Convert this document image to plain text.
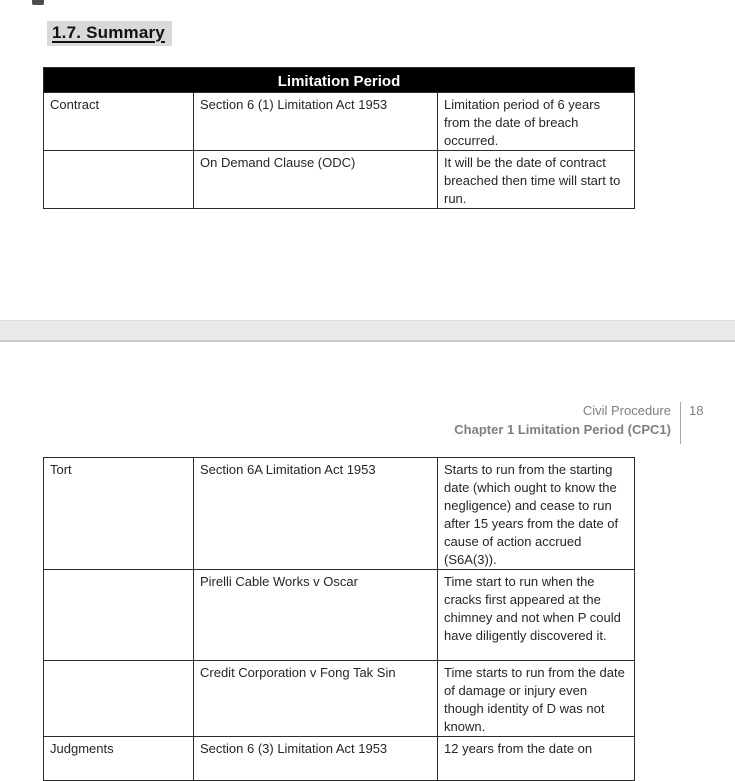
1.7. Summary
Limitation Period		
Contract	Section 6 (1) Limitation Act 1953	Limitation period of 6 years from the date of breach occurred.
	On Demand Clause (ODC)	It will be the date of contract breached then time will start to run.
Civil Procedure
Chapter 1 Limitation Period (CPC1)
18
Tort	Section 6A Limitation Act 1953	Starts to run from the starting date (which ought to know the negligence) and cease to run after 15 years from the date of cause of action accrued (S6A(3)).
	Pirelli Cable Works v Oscar	Time start to run when the cracks first appeared at the chimney and not when P could have diligently discovered it.
	Credit Corporation v Fong Tak Sin	Time starts to run from the date of damage or injury even though identity of D was not known.
Judgments	Section 6 (3) Limitation Act 1953	12 years from the date on
